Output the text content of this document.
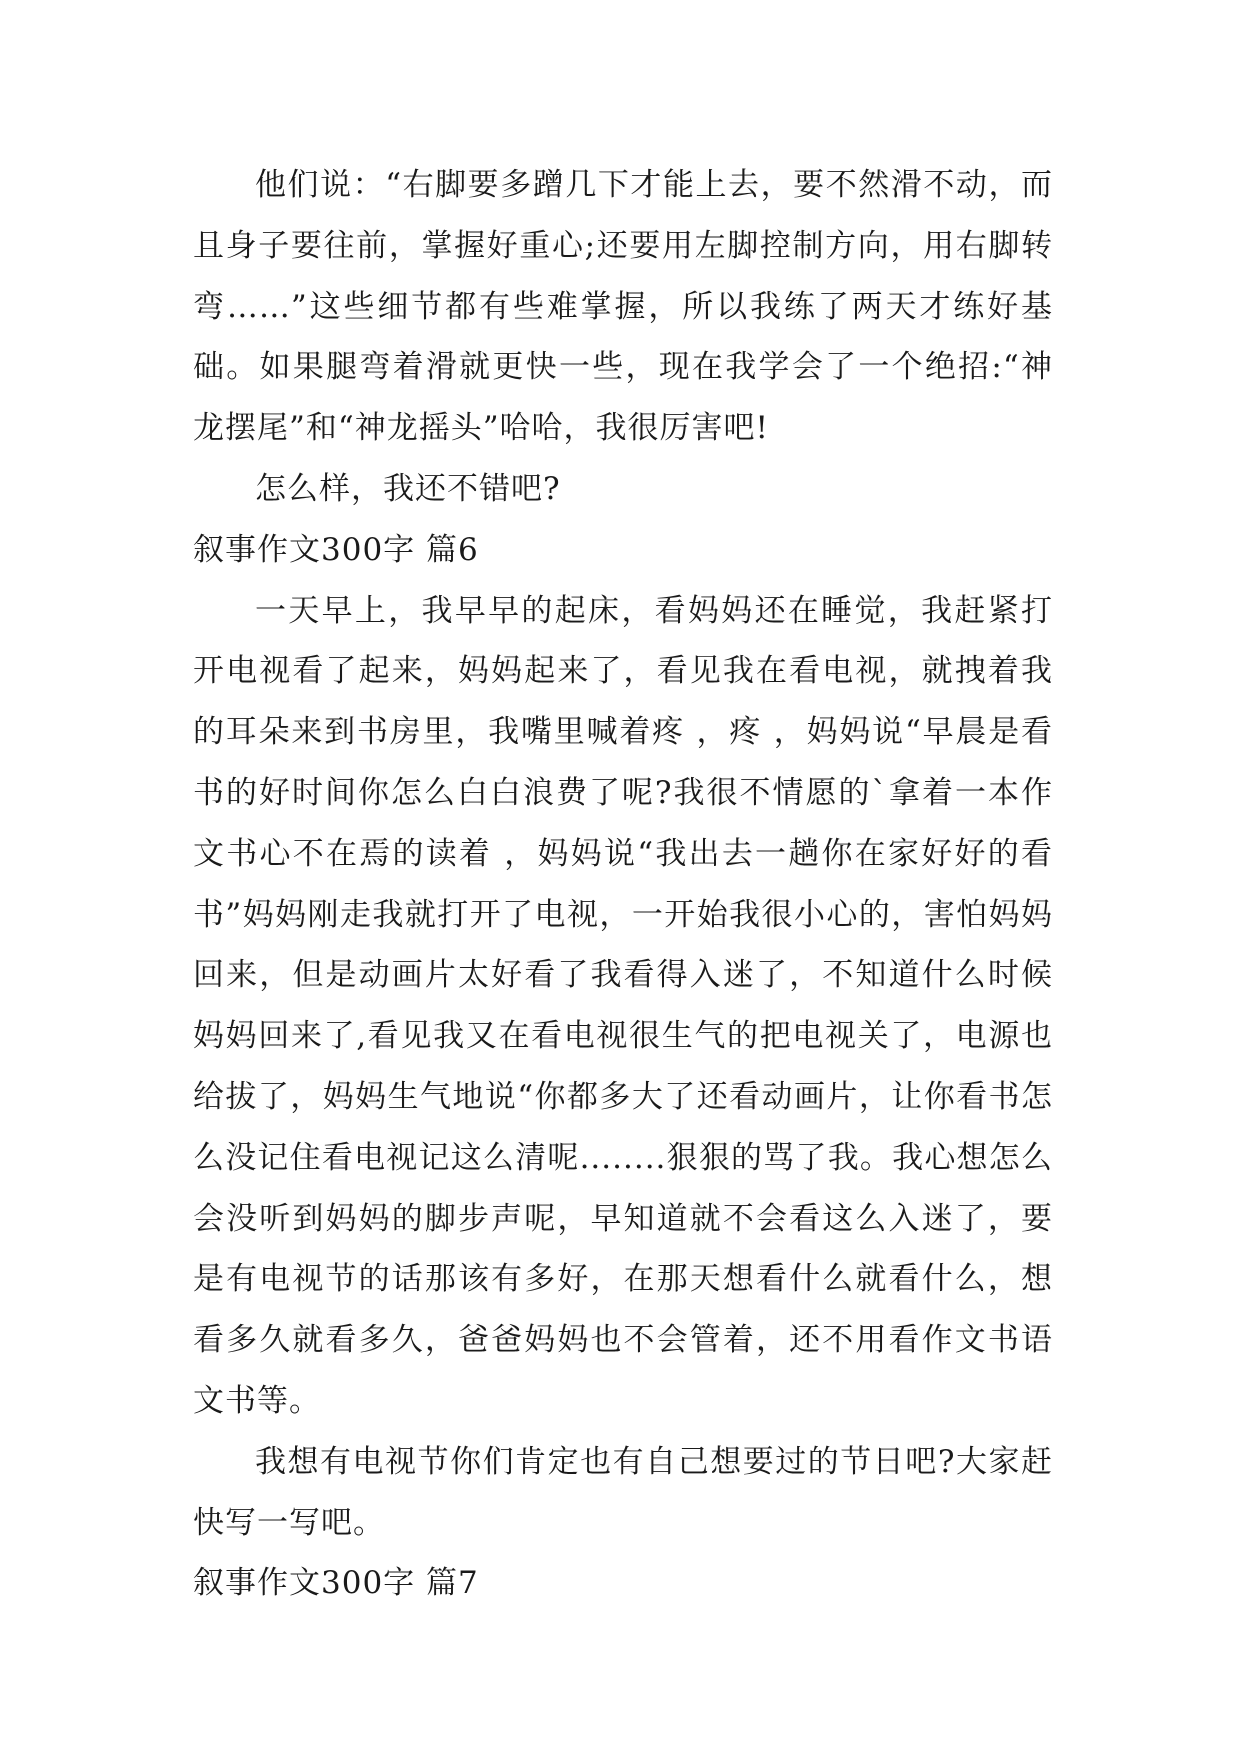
他们说：“右脚要多蹭几下才能上去，要不然滑不动，而且身子要往前，掌握好重心;还要用左脚控制方向，用右脚转弯……”这些细节都有些难掌握，所以我练了两天才练好基础。如果腿弯着滑就更快一些，现在我学会了一个绝招:“神龙摆尾”和“神龙摇头”哈哈，我很厉害吧!

怎么样，我还不错吧?

叙事作文300字 篇6

一天早上，我早早的起床，看妈妈还在睡觉，我赶紧打开电视看了起来，妈妈起来了，看见我在看电视，就拽着我的耳朵来到书房里，我嘴里喊着疼 ，疼 ，妈妈说“早晨是看书的好时间你怎么白白浪费了呢?我很不情愿的`拿着一本作文书心不在焉的读着 ，妈妈说“我出去一趟你在家好好的看书”妈妈刚走我就打开了电视，一开始我很小心的，害怕妈妈回来，但是动画片太好看了我看得入迷了，不知道什么时候妈妈回来了,看见我又在看电视很生气的把电视关了，电源也给拔了，妈妈生气地说“你都多大了还看动画片，让你看书怎么没记住看电视记这么清呢........狠狠的骂了我。我心想怎么会没听到妈妈的脚步声呢，早知道就不会看这么入迷了，要是有电视节的话那该有多好，在那天想看什么就看什么，想看多久就看多久，爸爸妈妈也不会管着，还不用看作文书语文书等。

我想有电视节你们肯定也有自己想要过的节日吧?大家赶快写一写吧。

叙事作文300字 篇7
